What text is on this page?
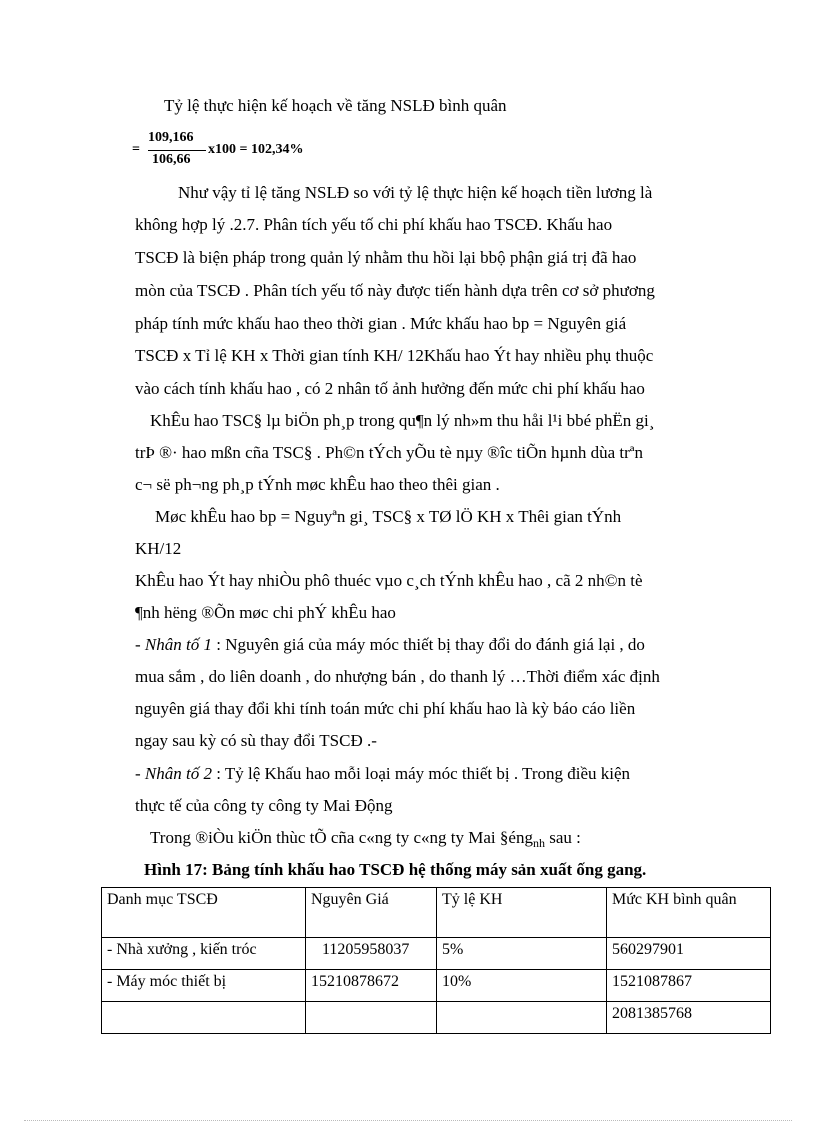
Tỷ lệ thực hiện kế hoạch về tăng NSLĐ bình quân
=
109,166
106,66
x100 = 102,34%
Như vậy tỉ lệ tăng NSLĐ so với tỷ lệ thực hiện kế hoạch tiền lương là
không hợp lý .2.7. Phân tích yếu tố chi phí khấu hao TSCĐ. Khấu hao
TSCĐ là biện pháp trong quản lý nhằm thu hồi lại bbộ phận giá trị đã hao
mòn của TSCĐ . Phân tích yếu tố này được tiến hành dựa trên cơ sở phương
pháp tính mức khấu hao theo thời gian . Mức khấu hao bp = Nguyên giá
TSCĐ x Tỉ lệ KH x Thời gian tính KH/ 12Khấu hao Ýt hay nhiều phụ thuộc
vào cách tính khấu hao , có 2 nhân tố ảnh hưởng đến mức chi phí khấu hao
KhÊu hao TSC§ lµ biÖn ph¸p trong qu¶n lý nh»m thu håi l¹i bbé phËn gi¸
trÞ ®· hao mßn cña TSC§ . Ph©n tÝch yÕu tè nµy ®îc tiÕn hµnh dùa trªn
c¬ së ph¬ng ph¸p tÝnh møc khÊu hao theo thêi gian .
Møc khÊu hao bp = Nguyªn gi¸ TSC§ x TØ lÖ KH x Thêi gian tÝnh
KH/12
KhÊu hao Ýt hay nhiÒu phô thuéc vµo c¸ch tÝnh khÊu hao , cã 2 nh©n tè
¶nh hëng ®Õn møc chi phÝ khÊu hao
- Nhân tố 1 : Nguyên giá của máy móc thiết bị thay đổi do đánh giá lại , do
mua sắm , do liên doanh , do nhượng bán , do thanh lý …Thời điểm xác định
nguyên giá thay đổi khi tính toán mức chi phí khấu hao là kỳ báo cáo liền
ngay sau kỳ có sù thay đổi TSCĐ .-
- Nhân tố 2 : Tỷ lệ Khấu hao mỗi loại máy móc thiết bị . Trong điều kiện
thực tế của công ty công ty Mai Động
Trong ®iÒu kiÖn thùc tÕ cña c«ng ty c«ng ty Mai §éng$_{nh}$ sau :
Hình 17: Bảng tính khấu hao TSCĐ hệ thống máy sản xuất ống gang.
Danh mục TSCĐ	Nguyên Giá	Tỷ lệ KH	Mức KH bình quân
- Nhà xưởng , kiến tróc	11205958037	5%	560297901
- Máy móc thiết bị	15210878672	10%	1521087867
			2081385768
